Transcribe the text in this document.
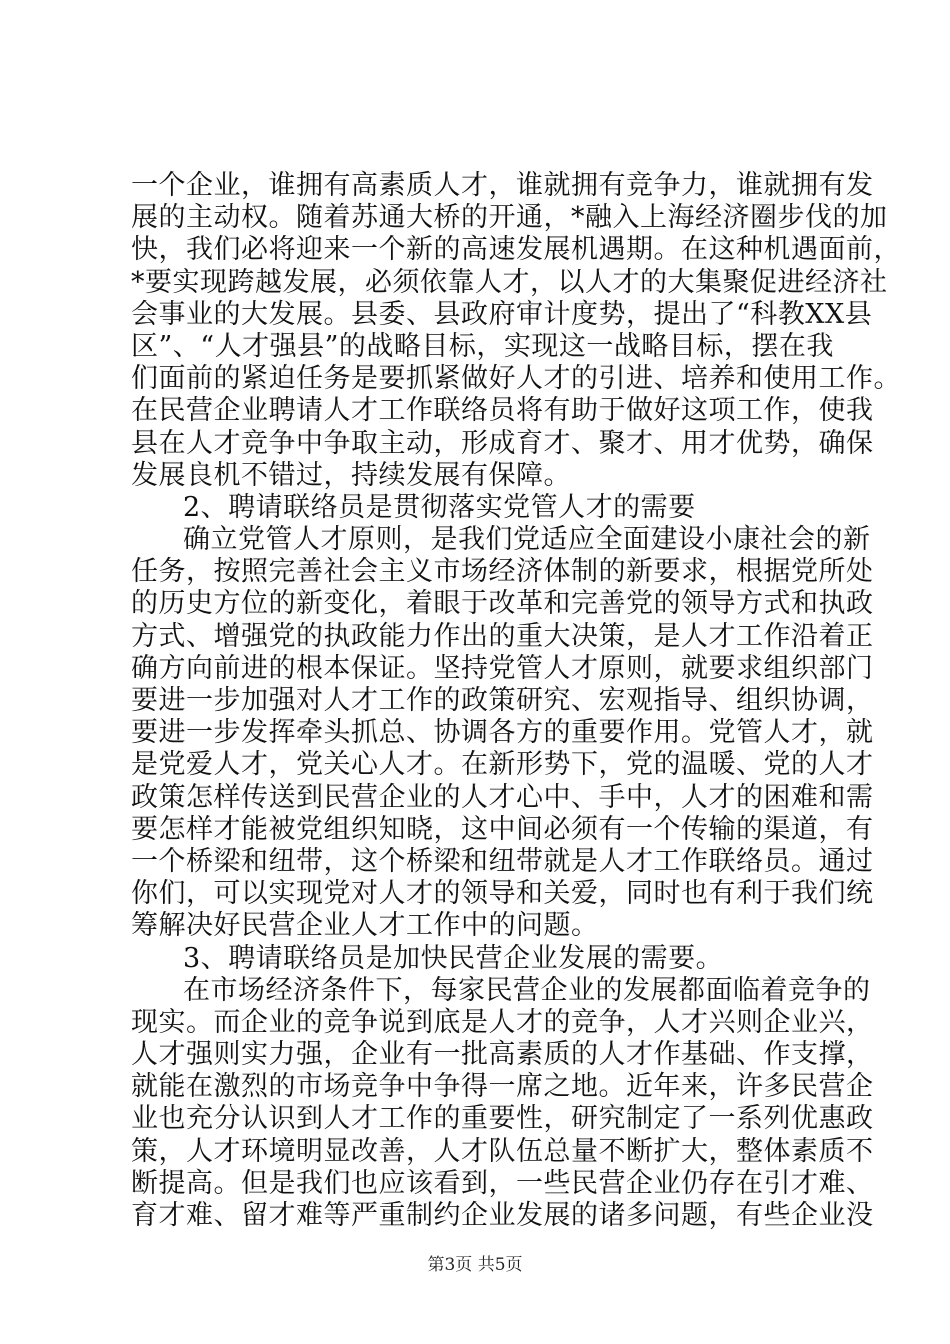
一个企业，谁拥有高素质人才，谁就拥有竞争力，谁就拥有发
展的主动权。随着苏通大桥的开通，*融入上海经济圈步伐的加
快，我们必将迎来一个新的高速发展机遇期。在这种机遇面前，
*要实现跨越发展，必须依靠人才，以人才的大集聚促进经济社
会事业的大发展。县委、县政府审计度势，提出了“科教XX县
区”、“人才强县”的战略目标，实现这一战略目标，摆在我
们面前的紧迫任务是要抓紧做好人才的引进、培养和使用工作。
在民营企业聘请人才工作联络员将有助于做好这项工作，使我
县在人才竞争中争取主动，形成育才、聚才、用才优势，确保
发展良机不错过，持续发展有保障。
2、聘请联络员是贯彻落实党管人才的需要
确立党管人才原则，是我们党适应全面建设小康社会的新
任务，按照完善社会主义市场经济体制的新要求，根据党所处
的历史方位的新变化，着眼于改革和完善党的领导方式和执政
方式、增强党的执政能力作出的重大决策，是人才工作沿着正
确方向前进的根本保证。坚持党管人才原则，就要求组织部门
要进一步加强对人才工作的政策研究、宏观指导、组织协调，
要进一步发挥牵头抓总、协调各方的重要作用。党管人才，就
是党爱人才，党关心人才。在新形势下，党的温暖、党的人才
政策怎样传送到民营企业的人才心中、手中，人才的困难和需
要怎样才能被党组织知晓，这中间必须有一个传输的渠道，有
一个桥梁和纽带，这个桥梁和纽带就是人才工作联络员。通过
你们，可以实现党对人才的领导和关爱，同时也有利于我们统
筹解决好民营企业人才工作中的问题。
3、聘请联络员是加快民营企业发展的需要。
在市场经济条件下，每家民营企业的发展都面临着竞争的
现实。而企业的竞争说到底是人才的竞争，人才兴则企业兴，
人才强则实力强，企业有一批高素质的人才作基础、作支撑，
就能在激烈的市场竞争中争得一席之地。近年来，许多民营企
业也充分认识到人才工作的重要性，研究制定了一系列优惠政
策，人才环境明显改善，人才队伍总量不断扩大，整体素质不
断提高。但是我们也应该看到，一些民营企业仍存在引才难、
育才难、留才难等严重制约企业发展的诸多问题，有些企业没
第3页 共5页
